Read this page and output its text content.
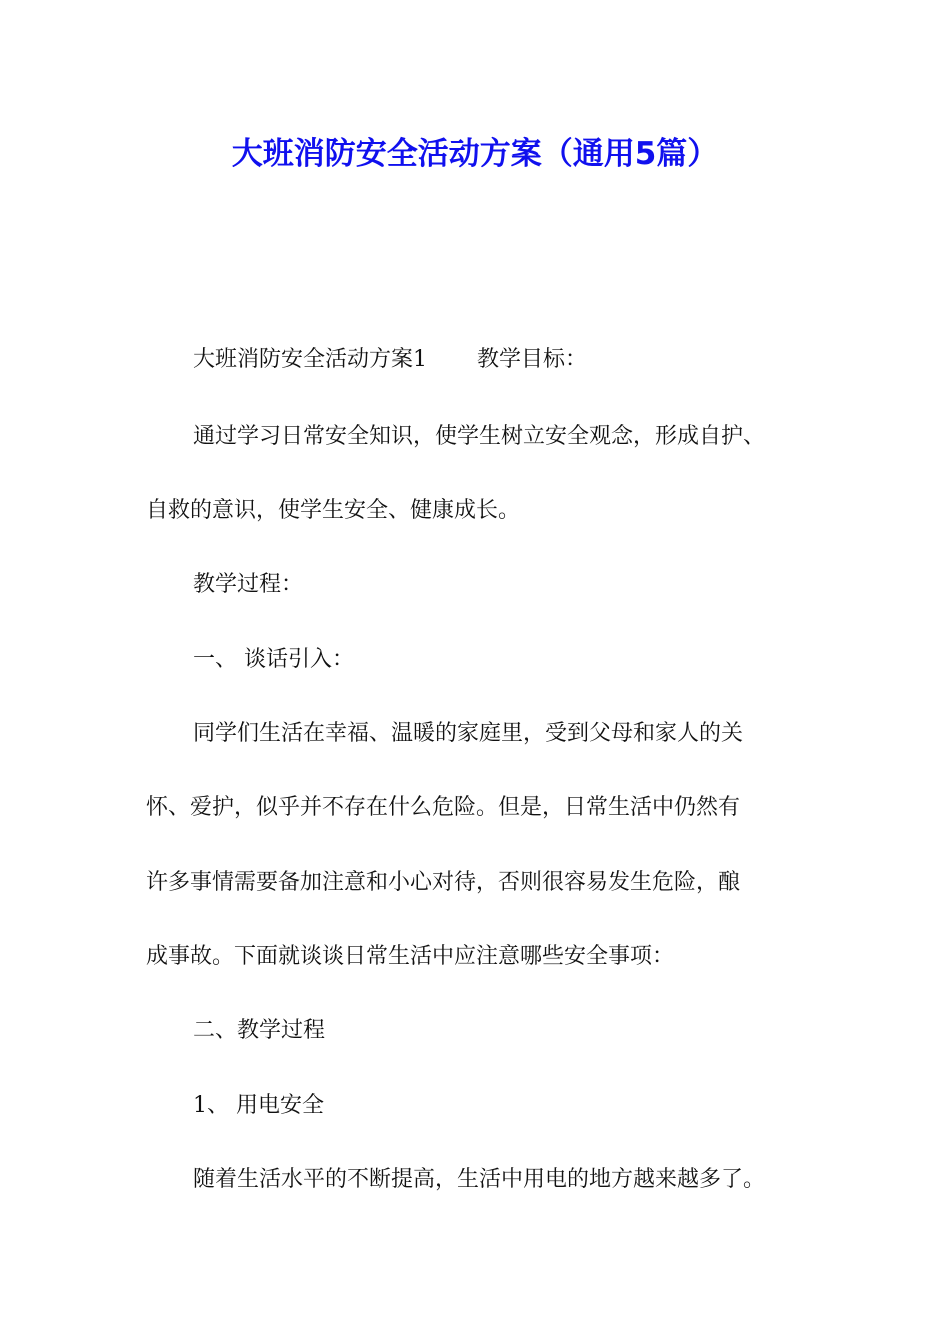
大班消防安全活动方案（通用5篇）
大班消防安全活动方案1 教学目标：
通过学习日常安全知识，使学生树立安全观念，形成自护、
自救的意识，使学生安全、健康成长。
教学过程：
一、 谈话引入：
同学们生活在幸福、温暖的家庭里，受到父母和家人的关
怀、爱护，似乎并不存在什么危险。但是，日常生活中仍然有
许多事情需要备加注意和小心对待，否则很容易发生危险，酿
成事故。下面就谈谈日常生活中应注意哪些安全事项：
二、教学过程
1、 用电安全
随着生活水平的不断提高，生活中用电的地方越来越多了。
